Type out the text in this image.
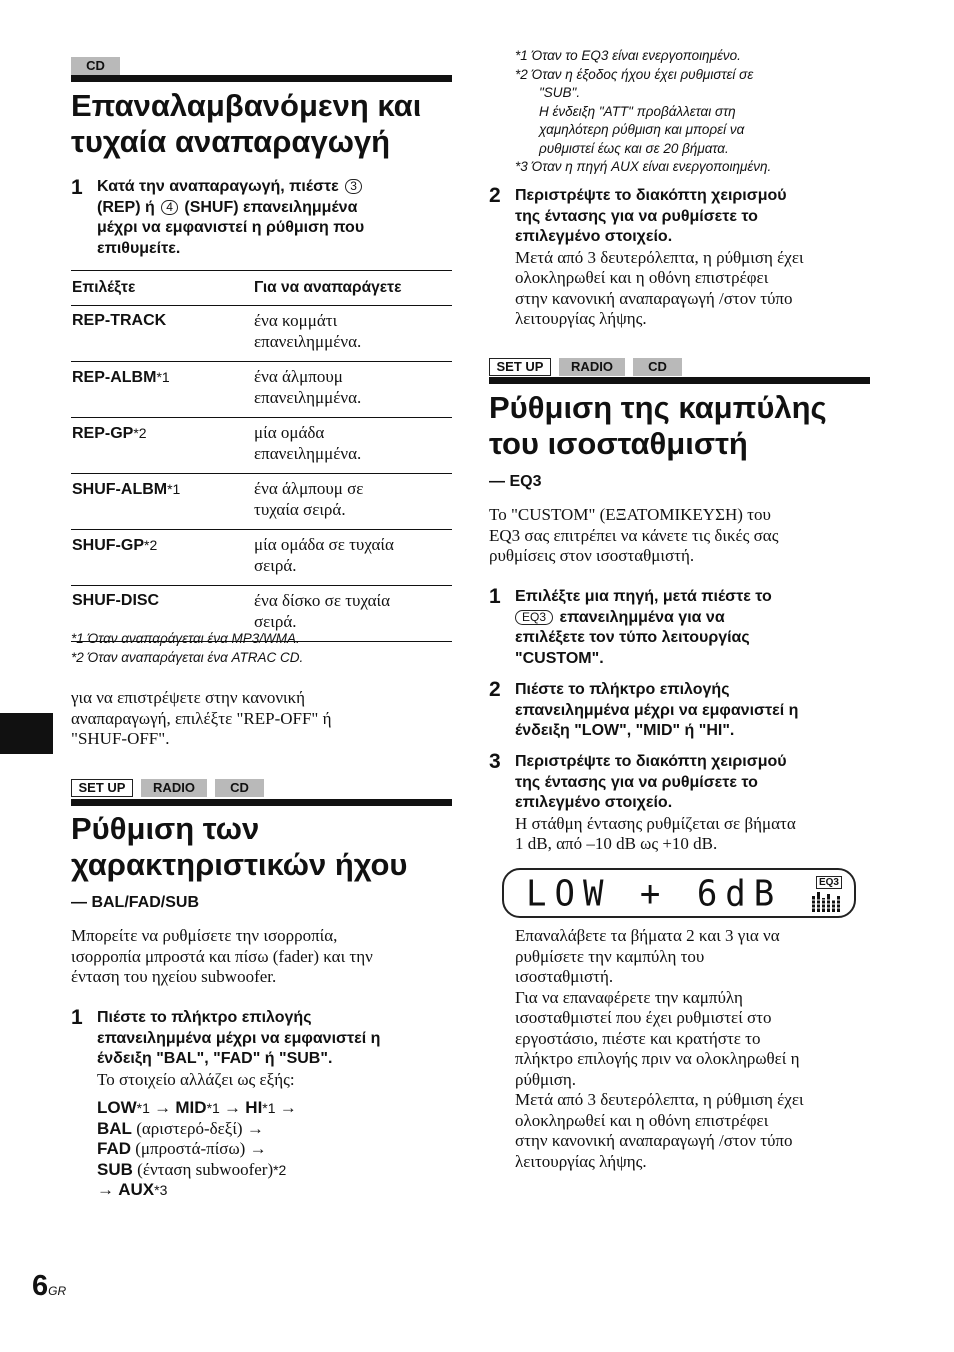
CD
Επαναλαμβανόμενη και
τυχαία αναπαραγωγή
1 Κατά την αναπαραγωγή, πιέστε 3
(REP) ή 4 (SHUF) επανειλημμένα
μέχρι να εμφανιστεί η ρύθμιση που
επιθυμείτε.
Επιλέξτε	Για να αναπαράγετε
REP-TRACK	ένα κομμάτι
επανειλημμένα.
REP-ALBM*1	ένα άλμπουμ
επανειλημμένα.
REP-GP*2	μία ομάδα
επανειλημμένα.
SHUF-ALBM*1	ένα άλμπουμ σε
τυχαία σειρά.
SHUF-GP*2	μία ομάδα σε τυχαία
σειρά.
SHUF-DISC	ένα δίσκο σε τυχαία
σειρά.
*1 Όταν αναπαράγεται ένα MP3/WMA.
*2 Όταν αναπαράγεται ένα ATRAC CD.
για να επιστρέψετε στην κανονική
αναπαραγωγή, επιλέξτε "REP-OFF" ή
"SHUF-OFF".
SET UP	RADIO	CD
Ρύθμιση των
χαρακτηριστικών ήχου
— BAL/FAD/SUB
Μπορείτε να ρυθμίσετε την ισορροπία,
ισορροπία μπροστά και πίσω (fader) και την
ένταση του ηχείου subwoofer.
1 Πιέστε το πλήκτρο επιλογής
επανειλημμένα μέχρι να εμφανιστεί η
ένδειξη "BAL", "FAD" ή "SUB".
Το στοιχείο αλλάζει ως εξής:
LOW*1 → MID*1 → HI*1 →
BAL (αριστερό-δεξί) →
FAD (μπροστά-πίσω) →
SUB (ένταση subwoofer)*2
→ AUX*3
6GR
*1 Όταν το EQ3 είναι ενεργοποιημένο.
*2 Όταν η έξοδος ήχου έχει ρυθμιστεί σε
"SUB".
Η ένδειξη "ATT" προβάλλεται στη
χαμηλότερη ρύθμιση και μπορεί να
ρυθμιστεί έως και σε 20 βήματα.
*3 Όταν η πηγή AUX είναι ενεργοποιημένη.
2 Περιστρέψτε το διακόπτη χειρισμού
της έντασης για να ρυθμίσετε το
επιλεγμένο στοιχείο.
Μετά από 3 δευτερόλεπτα, η ρύθμιση έχει
ολοκληρωθεί και η οθόνη επιστρέφει
στην κανονική αναπαραγωγή /στον τύπο
λειτουργίας λήψης.
SET UP	RADIO	CD
Ρύθμιση της καμπύλης
του ισοσταθμιστή
— EQ3
Το "CUSTOM" (ΕΞΑΤΟΜΙΚΕΥΣΗ) του
EQ3 σας επιτρέπει να κάνετε τις δικές σας
ρυθμίσεις στον ισοσταθμιστή.
1 Επιλέξτε μια πηγή, μετά πιέστε το
EQ3 επανειλημμένα για να
επιλέξετε τον τύπο λειτουργίας
"CUSTOM".
2 Πιέστε το πλήκτρο επιλογής
επανειλημμένα μέχρι να εμφανιστεί η
ένδειξη "LOW", "MID" ή "HI".
3 Περιστρέψτε το διακόπτη χειρισμού
της έντασης για να ρυθμίσετε το
επιλεγμένο στοιχείο.
Η στάθμη έντασης ρυθμίζεται σε βήματα
1 dB, από –10 dB ως +10 dB.
LOW + 6dB	EQ3
Επαναλάβετε τα βήματα 2 και 3 για να
ρυθμίσετε την καμπύλη του
ισοσταθμιστή.
Για να επαναφέρετε την καμπύλη
ισοσταθμιστεί που έχει ρυθμιστεί στο
εργοστάσιο, πιέστε και κρατήστε το
πλήκτρο επιλογής πριν να ολοκληρωθεί η
ρύθμιση.
Μετά από 3 δευτερόλεπτα, η ρύθμιση έχει
ολοκληρωθεί και η οθόνη επιστρέφει
στην κανονική αναπαραγωγή /στον τύπο
λειτουργίας λήψης.
